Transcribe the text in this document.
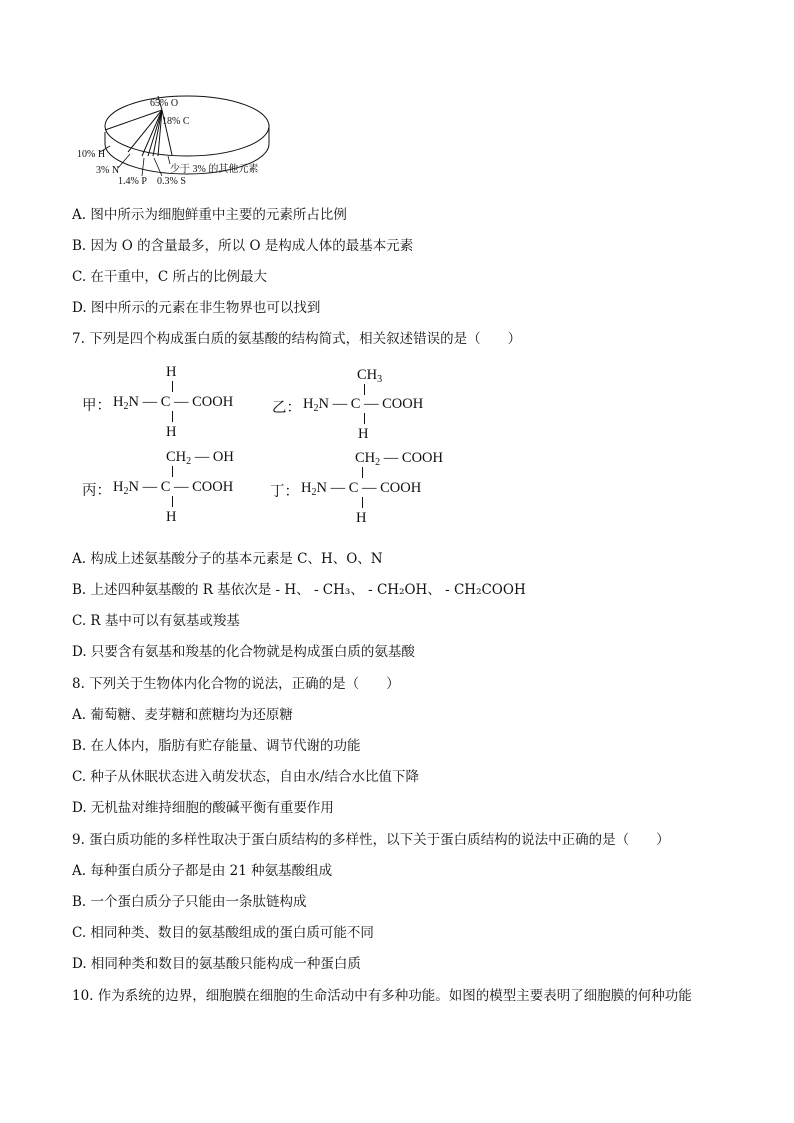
65% O
18% C
10% H
3% N
1.4% P 0.3% S
少于 3% 的其他元素
A. 图中所示为细胞鲜重中主要的元素所占比例
B. 因为 O 的含量最多，所以 O 是构成人体的最基本元素
C. 在干重中，C 所占的比例最大
D. 图中所示的元素在非生物界也可以找到
7. 下列是四个构成蛋白质的氨基酸的结构简式，相关叙述错误的是（　　）
H
甲： $H_2N$ — C — COOH
H
$CH_3$
乙： $H_2N$ — C — COOH
H
$CH_2$ — OH
丙： $H_2N$ — C — COOH
H
$CH_2$ — COOH
丁： $H_2N$ — C — COOH
H
A. 构成上述氨基酸分子的基本元素是 C、H、O、N
B. 上述四种氨基酸的 R 基依次是 - H、 - CH₃、 - CH₂OH、 - CH₂COOH
C. R 基中可以有氨基或羧基
D. 只要含有氨基和羧基的化合物就是构成蛋白质的氨基酸
8. 下列关于生物体内化合物的说法，正确的是（　　）
A. 葡萄糖、麦芽糖和蔗糖均为还原糖
B. 在人体内，脂肪有贮存能量、调节代谢的功能
C. 种子从休眠状态进入萌发状态，自由水/结合水比值下降
D. 无机盐对维持细胞的酸碱平衡有重要作用
9. 蛋白质功能的多样性取决于蛋白质结构的多样性，以下关于蛋白质结构的说法中正确的是（　　）
A. 每种蛋白质分子都是由 21 种氨基酸组成
B. 一个蛋白质分子只能由一条肽链构成
C. 相同种类、数目的氨基酸组成的蛋白质可能不同
D. 相同种类和数目的氨基酸只能构成一种蛋白质
10. 作为系统的边界，细胞膜在细胞的生命活动中有多种功能。如图的模型主要表明了细胞膜的何种功能
